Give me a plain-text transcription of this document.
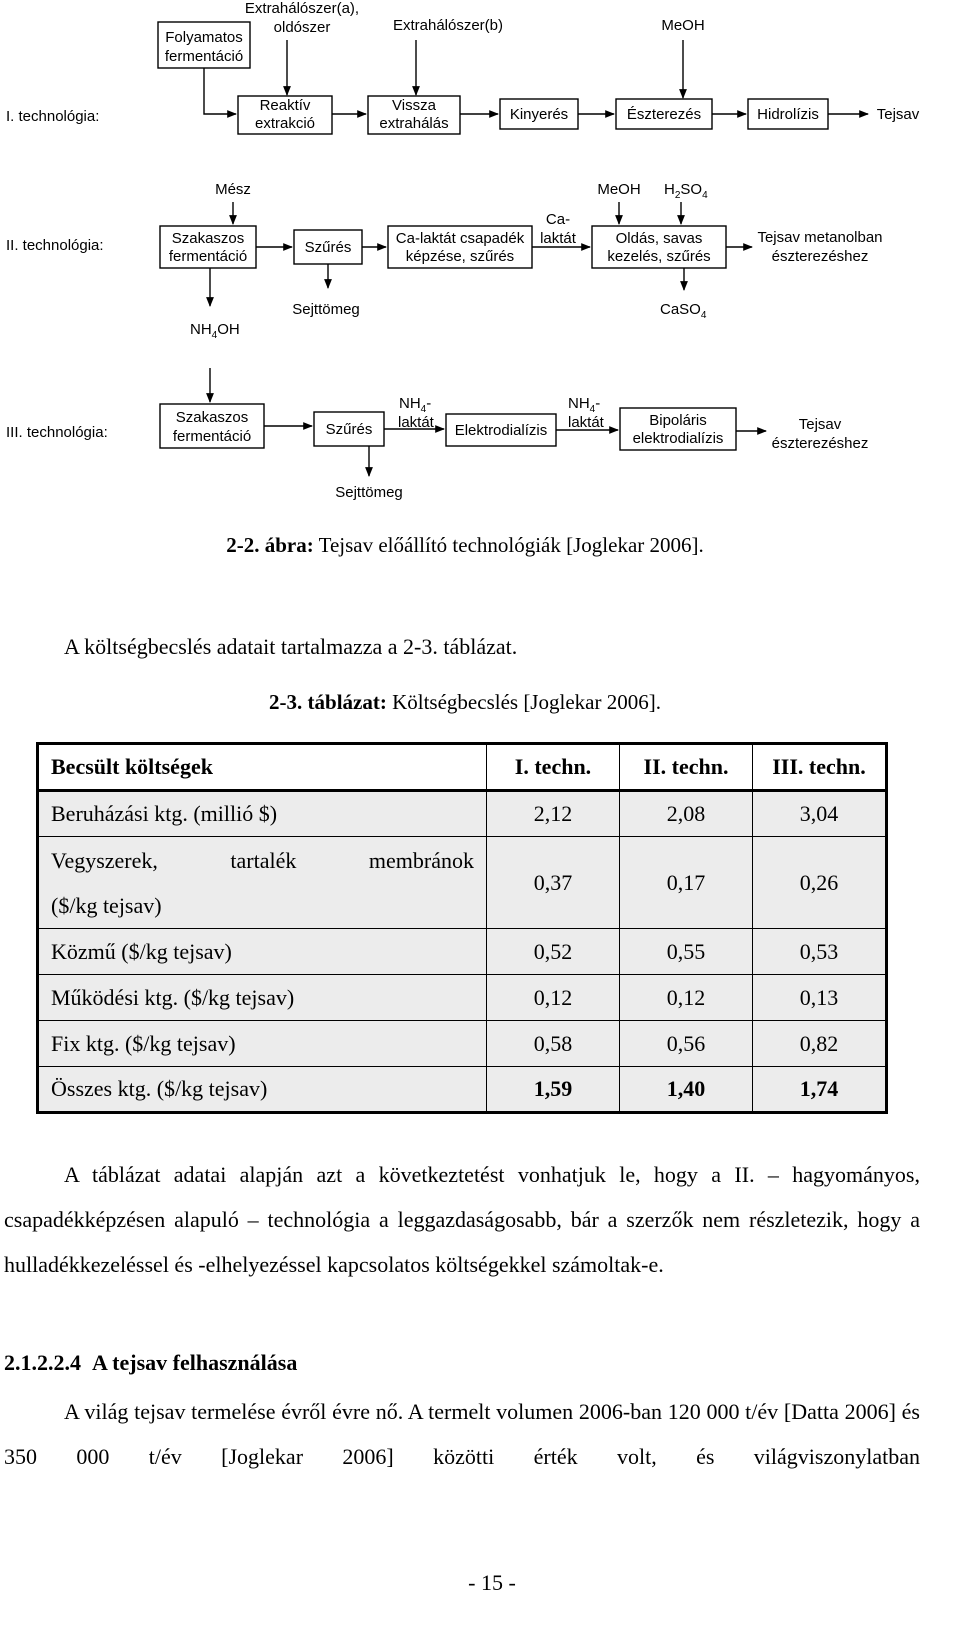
I. technológia:
Folyamatos
fermentáció
Extrahálószer(a),
oldószer	Extrahálószer(b)	MeOH
Reaktív
extrakció
Vissza
extrahálás
Kinyerés	Észterezés	Hidrolízis	Tejsav
II. technológia:
Mész	MeOH $H_2SO_4$
Szakaszos
fermentáció
Szűrés
Ca-laktát csapadék
képzése, szűrés
Ca-
laktát	Oldás, savas
kezelés, szűrés
Tejsav metanolban
észterezéshez
Sejttömeg	CaSO$_4$
$NH_4OH$
III. technológia:
Szakaszos
fermentáció	Szűrés
$NH_4-$
laktát Elektrodialízis
$NH_4-$
laktát	Bipoláris
elektrodialízis
Tejsav
észterezéshez
Sejttömeg
2-2. ábra: Tejsav előállító technológiák [Joglekar 2006].
A költségbecslés adatait tartalmazza a 2-3. táblázat.
2-3. táblázat: Költségbecslés [Joglekar 2006].
Becsült költségek	I. techn.	II. techn.	III. techn.
Beruházási ktg. (millió $)	2,12	2,08	3,04

Vegyszerek, tartalék membránok
($/kg tejsav)	0,37	0,17	0,26
Közmű ($/kg tejsav)	0,52	0,55	0,53
Működési ktg. ($/kg tejsav)	0,12	0,12	0,13
Fix ktg. ($/kg tejsav)	0,58	0,56	0,82
Összes ktg. ($/kg tejsav)	1,59	1,40	1,74
A táblázat adatai alapján azt a következtetést vonhatjuk le, hogy a II. – hagyományos, csapadékképzésen alapuló – technológia a leggazdaságosabb, bár a szerzők nem részletezik, hogy a hulladékkezeléssel és -elhelyezéssel kapcsolatos költségekkel számoltak-e.
2.1.2.2.4 A tejsav felhasználása
A világ tejsav termelése évről évre nő. A termelt volumen 2006-ban 120 000 t/év [Datta 2006] és 350 000 t/év [Joglekar 2006] közötti érték volt, és világviszonylatban
- 15 -
